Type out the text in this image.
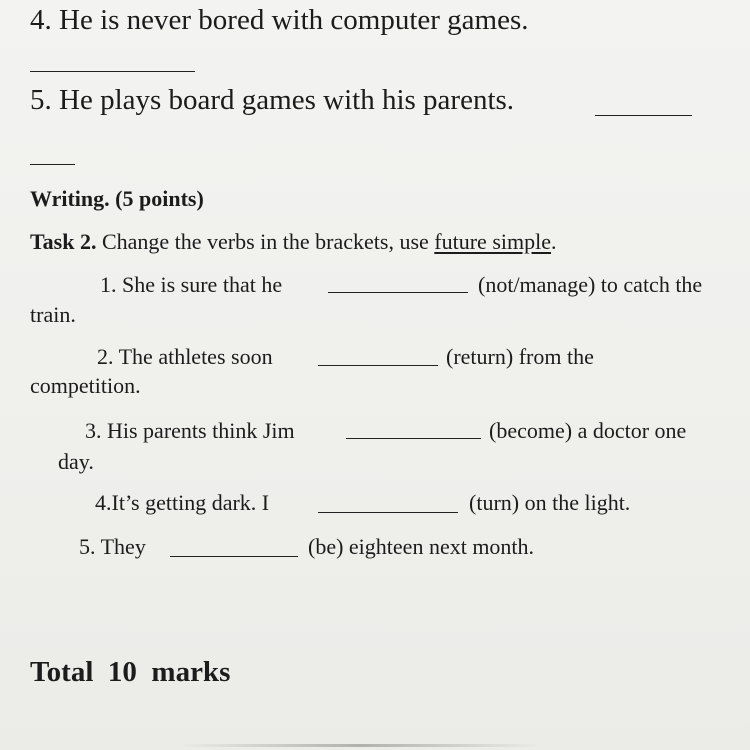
4. He is never bored with computer games.
5. He plays board games with his parents.
Writing. (5 points)
Task 2. Change the verbs in the brackets, use future simple.
1. She is sure that he	(not/manage) to catch the
train.
2. The athletes soon	(return) from the
competition.
3. His parents think Jim	(become) a doctor one
day.
4.It’s getting dark. I	(turn) on the light.
5. They	(be) eighteen next month.
Total 10 marks
